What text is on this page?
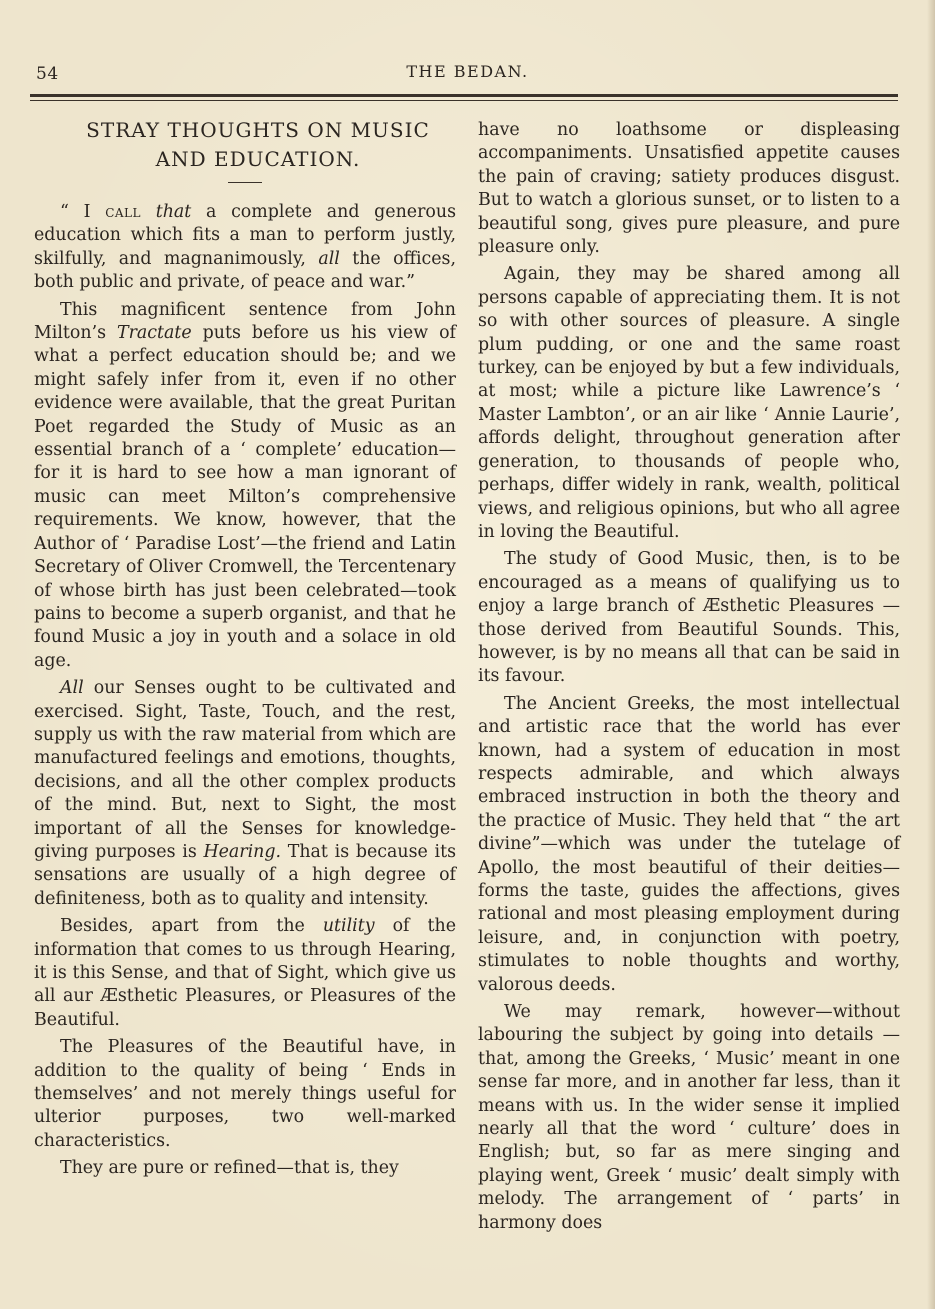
54	THE BEDAN.

STRAY THOUGHTS ON MUSIC

AND EDUCATION.

“ I call that a complete and generous education which fits a man to perform justly, skilfully, and magnanimously, all the offices, both public and private, of peace and war.”

This magnificent sentence from John Milton’s Tractate puts before us his view of what a perfect education should be; and we might safely infer from it, even if no other evidence were available, that the great Puritan Poet regarded the Study of Music as an essential branch of a ‘ complete’ education—for it is hard to see how a man ignorant of music can meet Milton’s comprehensive requirements. We know, however, that the Author of ‘ Paradise Lost’—the friend and Latin Secretary of Oliver Cromwell, the Tercentenary of whose birth has just been celebrated—took pains to become a superb organist, and that he found Music a joy in youth and a solace in old age.

All our Senses ought to be cultivated and exercised. Sight, Taste, Touch, and the rest, supply us with the raw material from which are manufactured feelings and emotions, thoughts, decisions, and all the other complex products of the mind. But, next to Sight, the most important of all the Senses for knowledge-giving purposes is Hearing. That is because its sensations are usually of a high degree of definiteness, both as to quality and intensity.

Besides, apart from the utility of the information that comes to us through Hearing, it is this Sense, and that of Sight, which give us all aur Æsthetic Pleasures, or Pleasures of the Beautiful.

The Pleasures of the Beautiful have, in addition to the quality of being ‘ Ends in themselves’ and not merely things useful for ulterior purposes, two well-marked characteristics.

They are pure or refined—that is, they

have no loathsome or displeasing accompaniments. Unsatisfied appetite causes the pain of craving; satiety produces disgust. But to watch a glorious sunset, or to listen to a beautiful song, gives pure pleasure, and pure pleasure only.

Again, they may be shared among all persons capable of appreciating them. It is not so with other sources of pleasure. A single plum pudding, or one and the same roast turkey, can be enjoyed by but a few individuals, at most; while a picture like Lawrence’s ‘ Master Lambton’, or an air like ‘ Annie Laurie’, affords delight, throughout generation after generation, to thousands of people who, perhaps, differ widely in rank, wealth, political views, and religious opinions, but who all agree in loving the Beautiful.

The study of Good Music, then, is to be encouraged as a means of qualifying us to enjoy a large branch of Æsthetic Pleasures —those derived from Beautiful Sounds. This, however, is by no means all that can be said in its favour.

The Ancient Greeks, the most intellectual and artistic race that the world has ever known, had a system of education in most respects admirable, and which always embraced instruction in both the theory and the practice of Music. They held that “ the art divine”—which was under the tutelage of Apollo, the most beautiful of their deities—forms the taste, guides the affections, gives rational and most pleasing employment during leisure, and, in conjunction with poetry, stimulates to noble thoughts and worthy, valorous deeds.

We may remark, however—without labouring the subject by going into details —that, among the Greeks, ‘ Music’ meant in one sense far more, and in another far less, than it means with us. In the wider sense it implied nearly all that the word ‘ culture’ does in English; but, so far as mere singing and playing went, Greek ‘ music’ dealt simply with melody. The arrangement of ‘ parts’ in harmony does
